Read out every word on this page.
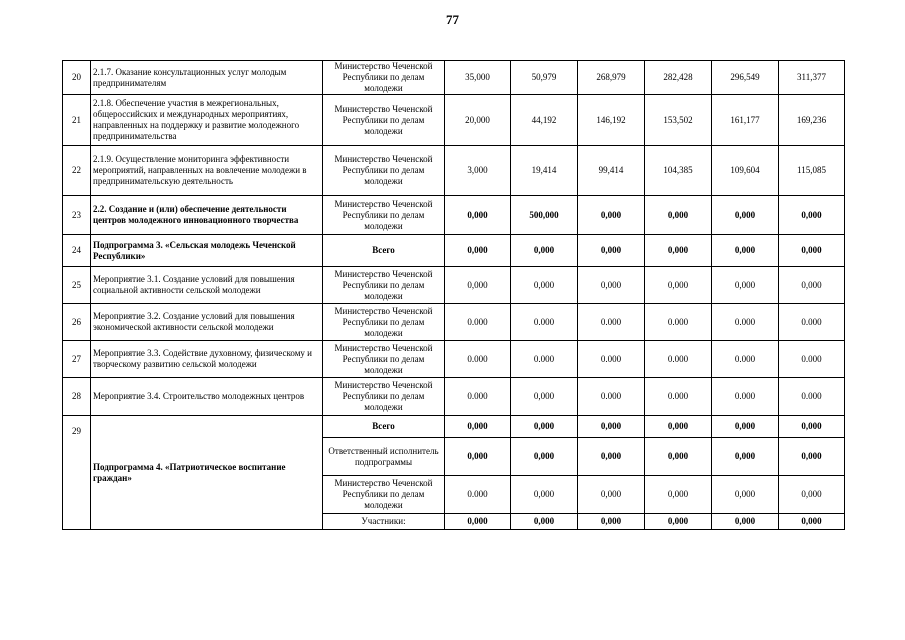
77
20	2.1.7. Оказание консультационных услуг молодым предпринимателям	Министерство Чеченской Республики по делам молодежи	35,000	50,979	268,979	282,428	296,549	311,377
21	2.1.8. Обеспечение участия в межрегиональных, общероссийских и международных мероприятиях, направленных на поддержку и развитие молодежного предпринимательства	Министерство Чеченской Республики по делам молодежи	20,000	44,192	146,192	153,502	161,177	169,236
22	2.1.9. Осуществление мониторинга эффективности мероприятий, направленных на вовлечение молодежи в предпринимательскую деятельность	Министерство Чеченской Республики по делам молодежи	3,000	19,414	99,414	104,385	109,604	115,085
23	2.2. Создание и (или) обеспечение деятельности центров молодежного инновационного творчества	Министерство Чеченской Республики по делам молодежи	0,000	500,000	0,000	0,000	0,000	0,000
24	Подпрограмма 3. «Сельская молодежь Чеченской Республики»	Всего	0,000	0,000	0,000	0,000	0,000	0,000
25	Мероприятие 3.1. Создание условий для повышения социальной активности сельской молодежи	Министерство Чеченской Республики по делам молодежи	0,000	0,000	0,000	0,000	0,000	0,000
26	Мероприятие 3.2. Создание условий для повышения экономической активности сельской молодежи	Министерство Чеченской Республики по делам молодежи	0.000	0.000	0.000	0.000	0.000	0.000
27	Мероприятие 3.3. Содействие духовному, физическому и творческому развитию сельской молодежи	Министерство Чеченской Республики по делам молодежи	0.000	0.000	0.000	0.000	0.000	0.000
28	Мероприятие 3.4. Строительство молодежных центров	Министерство Чеченской Республики по делам молодежи	0.000	0,000	0.000	0.000	0.000	0.000
29	Подпрограмма 4. «Патриотическое воспитание граждан»	Всего	0,000	0,000	0,000	0,000	0,000	0,000
		Ответственный исполнитель подпрограммы	0,000	0,000	0,000	0,000	0,000	0,000
		Министерство Чеченской Республики по делам молодежи	0.000	0,000	0,000	0,000	0,000	0,000
		Участники:	0,000	0,000	0,000	0,000	0,000	0,000
